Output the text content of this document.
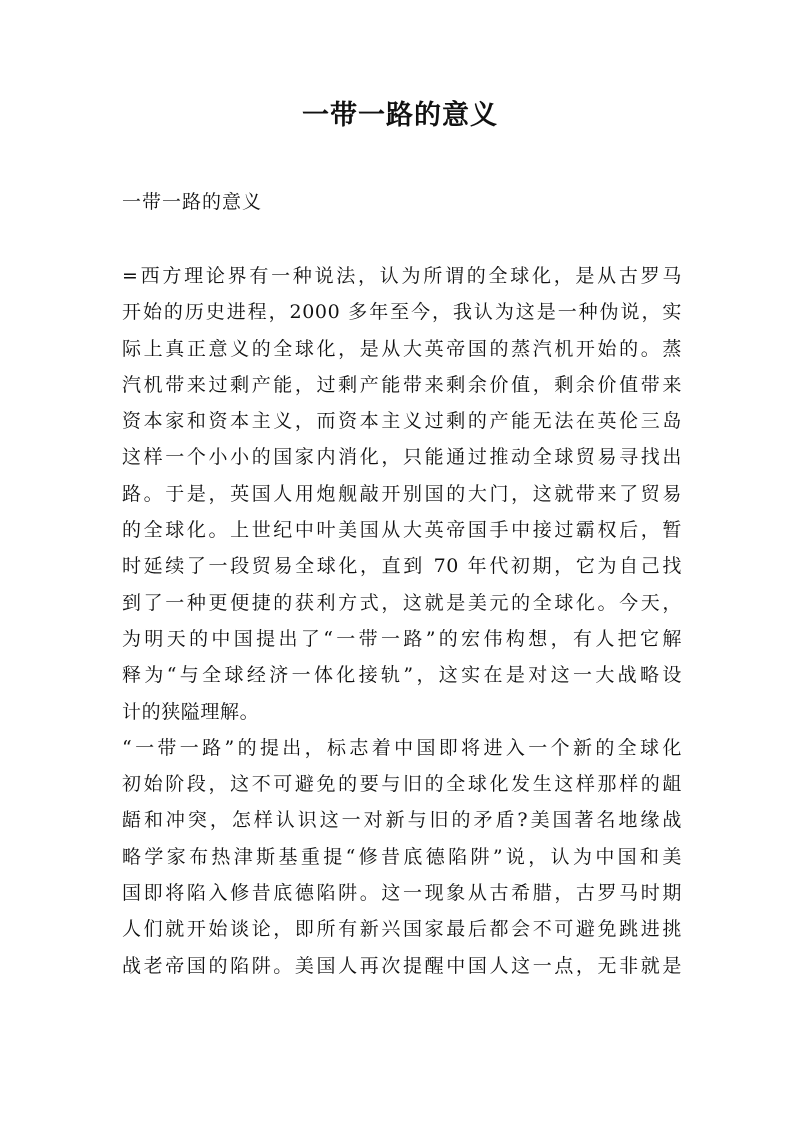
一带一路的意义

一带一路的意义

=西方理论界有一种说法，认为所谓的全球化，是从古罗马
开始的历史进程，2000 多年至今，我认为这是一种伪说，实
际上真正意义的全球化，是从大英帝国的蒸汽机开始的。蒸
汽机带来过剩产能，过剩产能带来剩余价值，剩余价值带来
资本家和资本主义，而资本主义过剩的产能无法在英伦三岛
这样一个小小的国家内消化，只能通过推动全球贸易寻找出
路。于是，英国人用炮舰敲开别国的大门，这就带来了贸易
的全球化。上世纪中叶美国从大英帝国手中接过霸权后，暂
时延续了一段贸易全球化，直到 70 年代初期，它为自己找
到了一种更便捷的获利方式，这就是美元的全球化。今天，
为明天的中国提出了“一带一路”的宏伟构想，有人把它解
释为“与全球经济一体化接轨”，这实在是对这一大战略设
计的狭隘理解。
“一带一路”的提出，标志着中国即将进入一个新的全球化
初始阶段，这不可避免的要与旧的全球化发生这样那样的龃
龉和冲突，怎样认识这一对新与旧的矛盾?美国著名地缘战
略学家布热津斯基重提“修昔底德陷阱”说，认为中国和美
国即将陷入修昔底德陷阱。这一现象从古希腊，古罗马时期
人们就开始谈论，即所有新兴国家最后都会不可避免跳进挑
战老帝国的陷阱。美国人再次提醒中国人这一点，无非就是
